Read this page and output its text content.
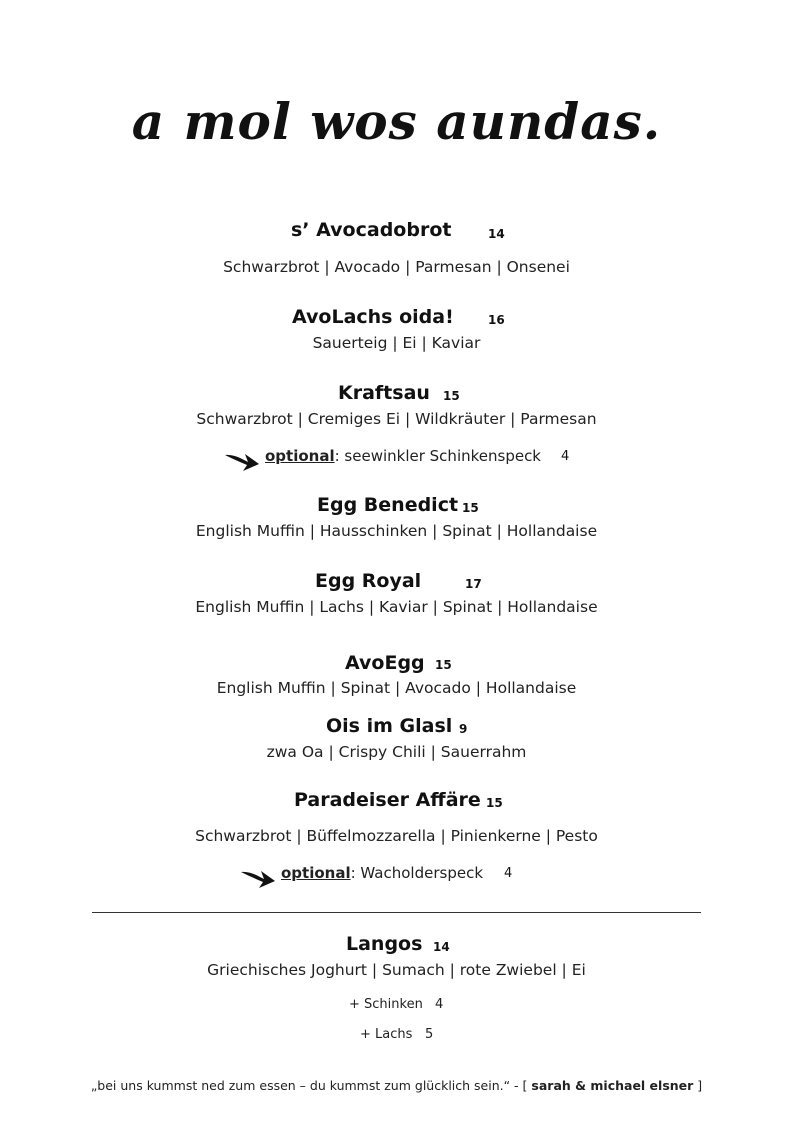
a mol wos aundas.
s’ Avocadobrot	14
Schwarzbrot | Avocado | Parmesan | Onsenei
AvoLachs oida!	16
Sauerteig | Ei | Kaviar
Kraftsau 15
Schwarzbrot | Cremiges Ei | Wildkräuter | Parmesan
optional: seewinkler Schinkenspeck 4
Egg Benedict 15
English Muffin | Hausschinken | Spinat | Hollandaise
Egg Royal	17
English Muffin | Lachs | Kaviar | Spinat | Hollandaise
AvoEgg 15
English Muffin | Spinat | Avocado | Hollandaise
Ois im Glasl 9
zwa Oa | Crispy Chili | Sauerrahm
Paradeiser Affäre 15
Schwarzbrot | Büffelmozzarella | Pinienkerne | Pesto
optional: Wacholderspeck 4
Langos 14
Griechisches Joghurt | Sumach | rote Zwiebel | Ei
+ Schinken 4
+ Lachs 5
„bei uns kummst ned zum essen – du kummst zum glücklich sein.“ - [ sarah & michael elsner ]
